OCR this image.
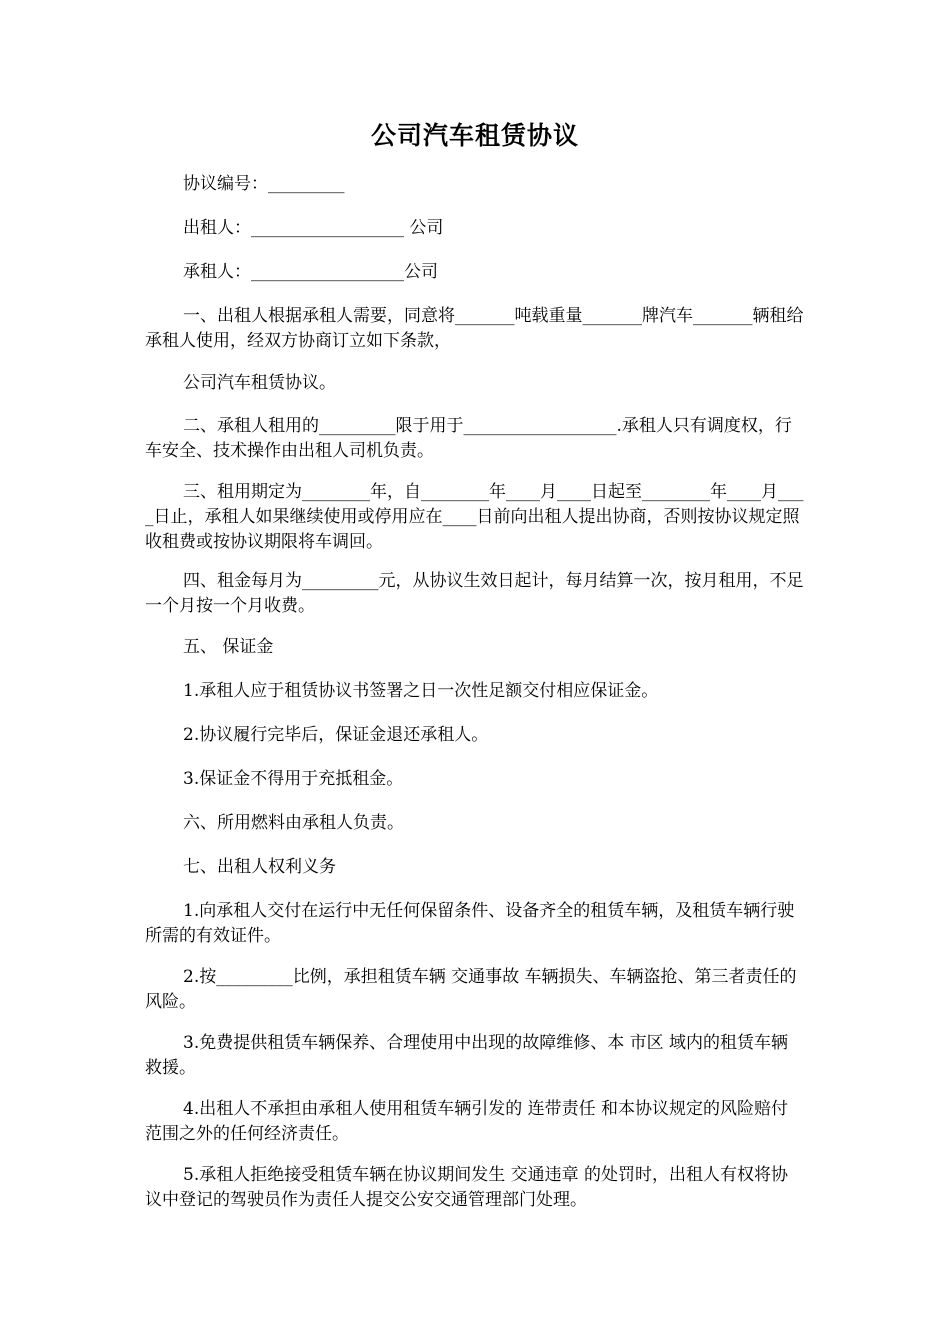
公司汽车租赁协议

协议编号：_________

出租人：__________________ 公司

承租人：__________________公司

一、出租人根据承租人需要，同意将_______吨载重量_______牌汽车_______辆租给承租人使用，经双方协商订立如下条款，

公司汽车租赁协议。

二、承租人租用的_________限于用于__________________.承租人只有调度权，行车安全、技术操作由出租人司机负责。

三、租用期定为________年，自________年____月____日起至________年____月____日止，承租人如果继续使用或停用应在____日前向出租人提出协商，否则按协议规定照收租费或按协议期限将车调回。

四、租金每月为_________元，从协议生效日起计，每月结算一次，按月租用，不足一个月按一个月收费。

五、 保证金

1.承租人应于租赁协议书签署之日一次性足额交付相应保证金。

2.协议履行完毕后，保证金退还承租人。

3.保证金不得用于充抵租金。

六、所用燃料由承租人负责。

七、出租人权利义务

1.向承租人交付在运行中无任何保留条件、设备齐全的租赁车辆，及租赁车辆行驶所需的有效证件。

2.按_________比例，承担租赁车辆 交通事故 车辆损失、车辆盗抢、第三者责任的风险。

3.免费提供租赁车辆保养、合理使用中出现的故障维修、本 市区 域内的租赁车辆救援。

4.出租人不承担由承租人使用租赁车辆引发的 连带责任 和本协议规定的风险赔付范围之外的任何经济责任。

5.承租人拒绝接受租赁车辆在协议期间发生 交通违章 的处罚时，出租人有权将协议中登记的驾驶员作为责任人提交公安交通管理部门处理。
